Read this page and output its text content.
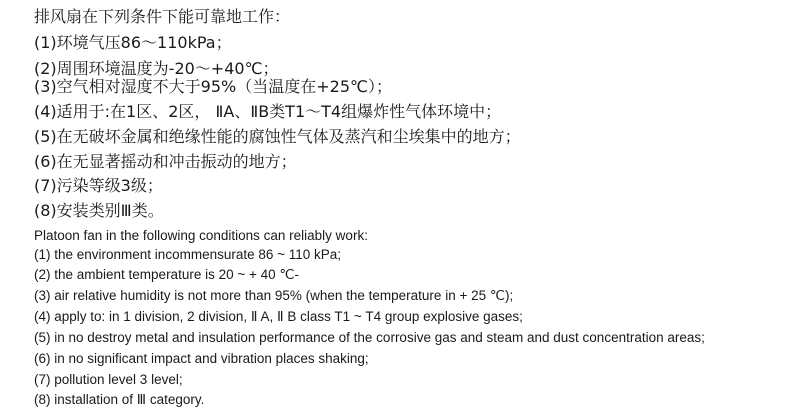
排风扇在下列条件下能可靠地工作：
(1)环境气压86～110kPa；
(2)周围环境温度为-20～+40℃；
(3)空气相对湿度不大于95%（当温度在+25℃）；
(4)适用于:在1区、2区， ⅡA、ⅡB类T1～T4组爆炸性气体环境中；
(5)在无破坏金属和绝缘性能的腐蚀性气体及蒸汽和尘埃集中的地方；
(6)在无显著摇动和冲击振动的地方；
(7)污染等级3级；
(8)安装类别Ⅲ类。
Platoon fan in the following conditions can reliably work:
(1) the environment incommensurate 86 ~ 110 kPa;
(2) the ambient temperature is 20 ~ + 40 ℃-
(3) air relative humidity is not more than 95% (when the temperature in + 25 ℃);
(4) apply to: in 1 division, 2 division, Ⅱ A, Ⅱ B class T1 ~ T4 group explosive gases;
(5) in no destroy metal and insulation performance of the corrosive gas and steam and dust concentration areas;
(6) in no significant impact and vibration places shaking;
(7) pollution level 3 level;
(8) installation of Ⅲ category.
